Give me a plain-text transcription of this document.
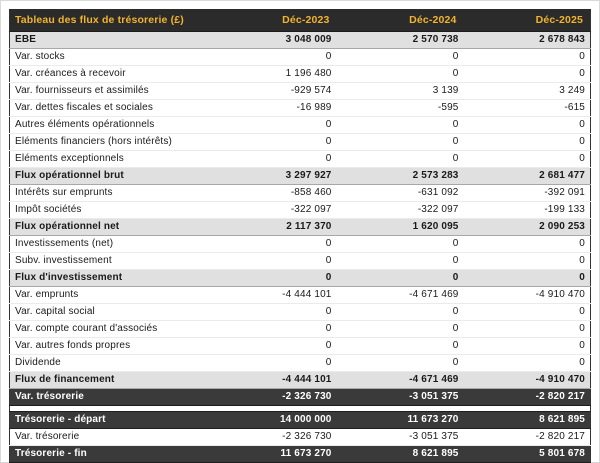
Tableau des flux de trésorerie (£)	Déc-2023	Déc-2024	Déc-2025
EBE	3 048 009	2 570 738	2 678 843
Var. stocks	0	0	0
Var. créances à recevoir	1 196 480	0	0
Var. fournisseurs et assimilés	-929 574	3 139	3 249
Var. dettes fiscales et sociales	-16 989	-595	-615
Autres éléments opérationnels	0	0	0
Eléments financiers (hors intérêts)	0	0	0
Eléments exceptionnels	0	0	0
Flux opérationnel brut	3 297 927	2 573 283	2 681 477
Intérêts sur emprunts	-858 460	-631 092	-392 091
Impôt sociétés	-322 097	-322 097	-199 133
Flux opérationnel net	2 117 370	1 620 095	2 090 253
Investissements (net)	0	0	0
Subv. investissement	0	0	0
Flux d'investissement	0	0	0
Var. emprunts	-4 444 101	-4 671 469	-4 910 470
Var. capital social	0	0	0
Var. compte courant d'associés	0	0	0
Var. autres fonds propres	0	0	0
Dividende	0	0	0
Flux de financement	-4 444 101	-4 671 469	-4 910 470
Var. trésorerie	-2 326 730	-3 051 375	-2 820 217

Trésorerie - départ	14 000 000	11 673 270	8 621 895
Var. trésorerie	-2 326 730	-3 051 375	-2 820 217
Trésorerie - fin	11 673 270	8 621 895	5 801 678
